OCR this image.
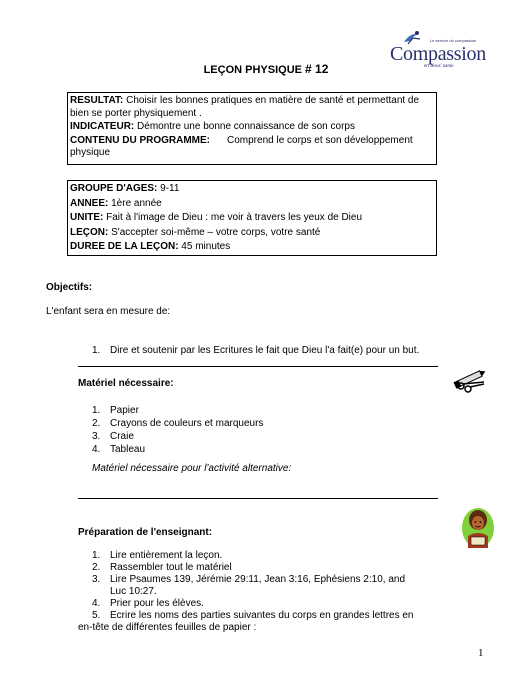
Le service du compassion
Compassion
en Jésus' name
LEÇON PHYSIQUE # 12

RESULTAT: Choisir les bonnes pratiques en matière de santé et permettant de bien se porter physiquement .

INDICATEUR: Démontre une bonne connaissance de son corps

CONTENU DU PROGRAMME: Comprend le corps et son développement physique

GROUPE D'AGES: 9-11

ANNEE: 1ère année

UNITE: Fait à l'image de Dieu : me voir à travers les yeux de Dieu

LEÇON: S'accepter soi-même – votre corps, votre santé

DUREE DE LA LEÇON: 45 minutes

Objectifs:
L'enfant sera en mesure de:
1. Dire et soutenir par les Ecritures le fait que Dieu l'a fait(e) pour un but.
Matériel nécessaire:
1. Papier
2. Crayons de couleurs et marqueurs
3. Craie
4. Tableau
Matériel nécessaire pour l'activité alternative:
Préparation de l'enseignant:
1. Lire entièrement la leçon.
2. Rassembler tout le matériel
3. Lire Psaumes 139, Jérémie 29:11, Jean 3:16, Ephésiens 2:10, and
Luc 10:27.
4. Prier pour les élèves.
5. Ecrire les noms des parties suivantes du corps en grandes lettres en
en-tête de différentes feuilles de papier :
1
